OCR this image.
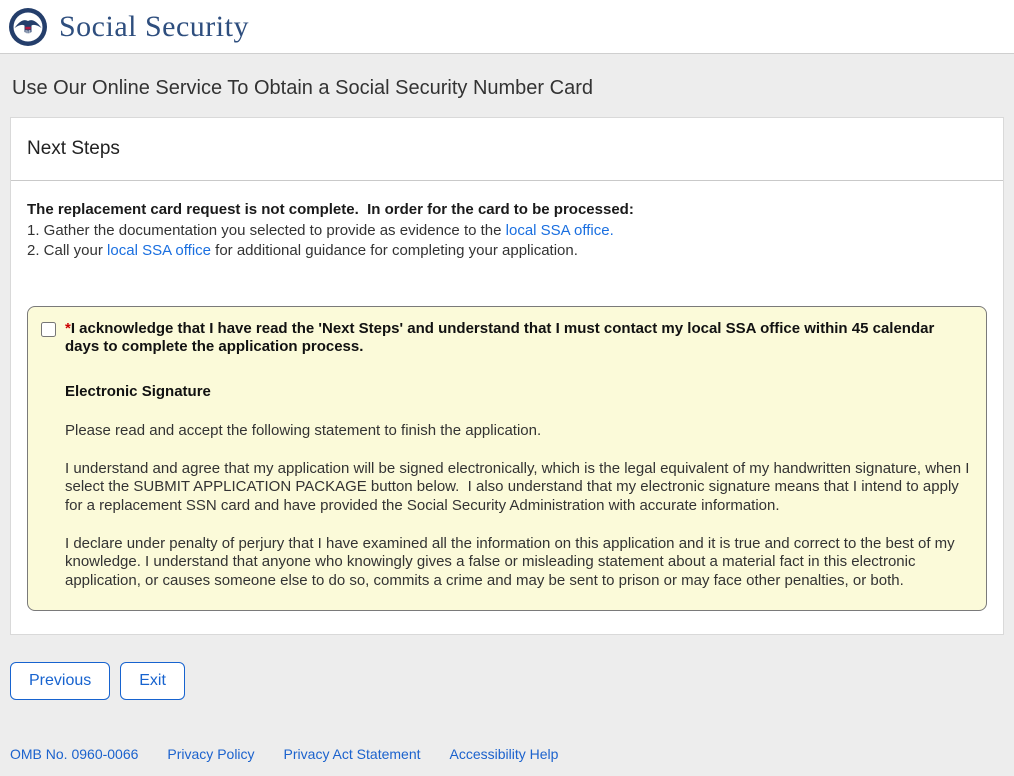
Social Security
Use Our Online Service To Obtain a Social Security Number Card
Next Steps
The replacement card request is not complete.  In order for the card to be processed:
1. Gather the documentation you selected to provide as evidence to the local SSA office.
2. Call your local SSA office for additional guidance for completing your application.
*I acknowledge that I have read the 'Next Steps' and understand that I must contact my local SSA office within 45 calendar days to complete the application process.
Electronic Signature
Please read and accept the following statement to finish the application.
I understand and agree that my application will be signed electronically, which is the legal equivalent of my handwritten signature, when I select the SUBMIT APPLICATION PACKAGE button below.  I also understand that my electronic signature means that I intend to apply for a replacement SSN card and have provided the Social Security Administration with accurate information.
I declare under penalty of perjury that I have examined all the information on this application and it is true and correct to the best of my knowledge. I understand that anyone who knowingly gives a false or misleading statement about a material fact in this electronic application, or causes someone else to do so, commits a crime and may be sent to prison or may face other penalties, or both.
Previous	Exit
OMB No. 0960-0066 Privacy Policy Privacy Act Statement Accessibility Help
